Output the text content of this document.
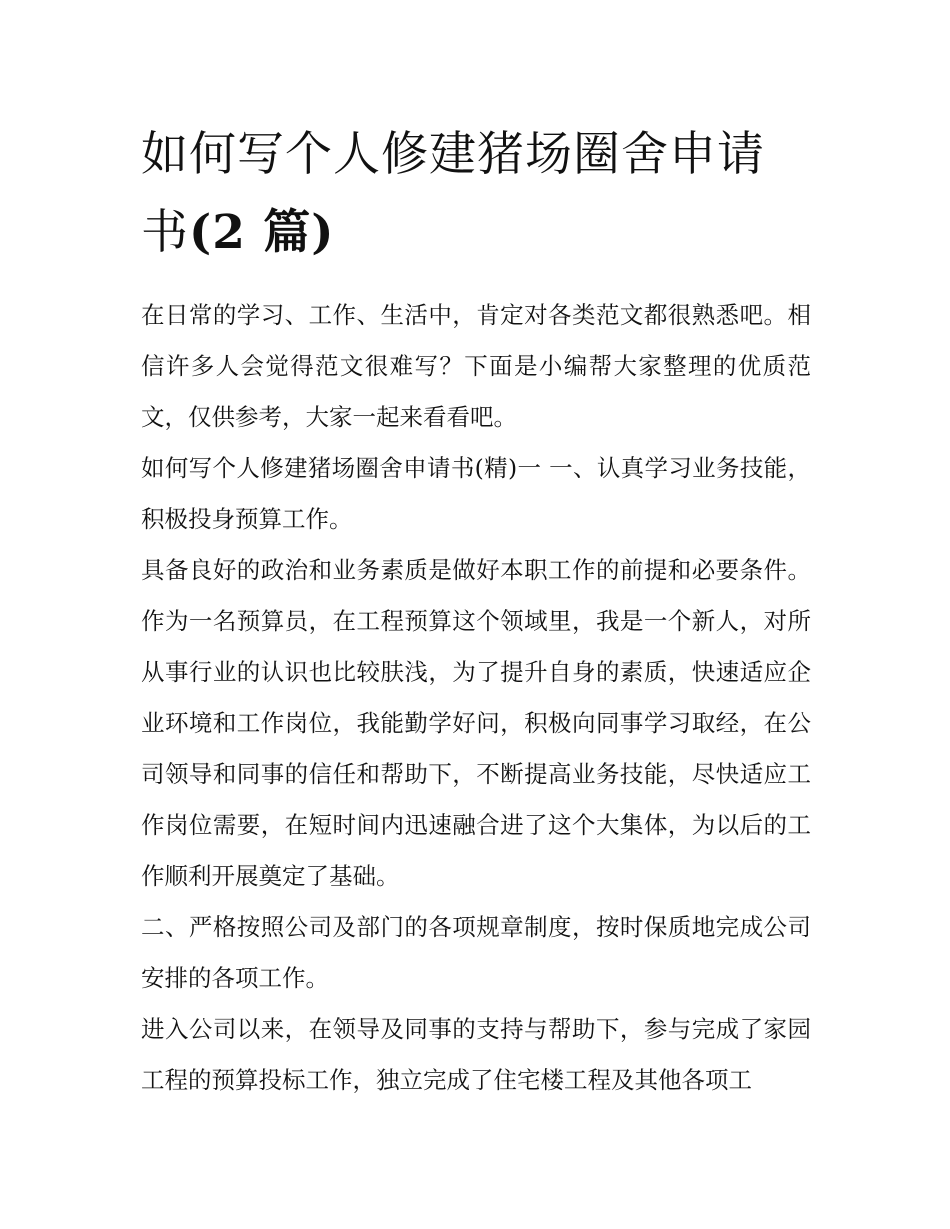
如何写个人修建猪场圈舍申请书(2 篇)

在日常的学习、工作、生活中，肯定对各类范文都很熟悉吧。相信许多人会觉得范文很难写？下面是小编帮大家整理的优质范文，仅供参考，大家一起来看看吧。

如何写个人修建猪场圈舍申请书(精)一 一、认真学习业务技能，积极投身预算工作。

具备良好的政治和业务素质是做好本职工作的前提和必要条件。作为一名预算员，在工程预算这个领域里，我是一个新人，对所从事行业的认识也比较肤浅，为了提升自身的素质，快速适应企业环境和工作岗位，我能勤学好问，积极向同事学习取经，在公司领导和同事的信任和帮助下，不断提高业务技能，尽快适应工作岗位需要，在短时间内迅速融合进了这个大集体，为以后的工作顺利开展奠定了基础。

二、严格按照公司及部门的各项规章制度，按时保质地完成公司安排的各项工作。

进入公司以来，在领导及同事的支持与帮助下，参与完成了家园工程的预算投标工作，独立完成了住宅楼工程及其他各项工
